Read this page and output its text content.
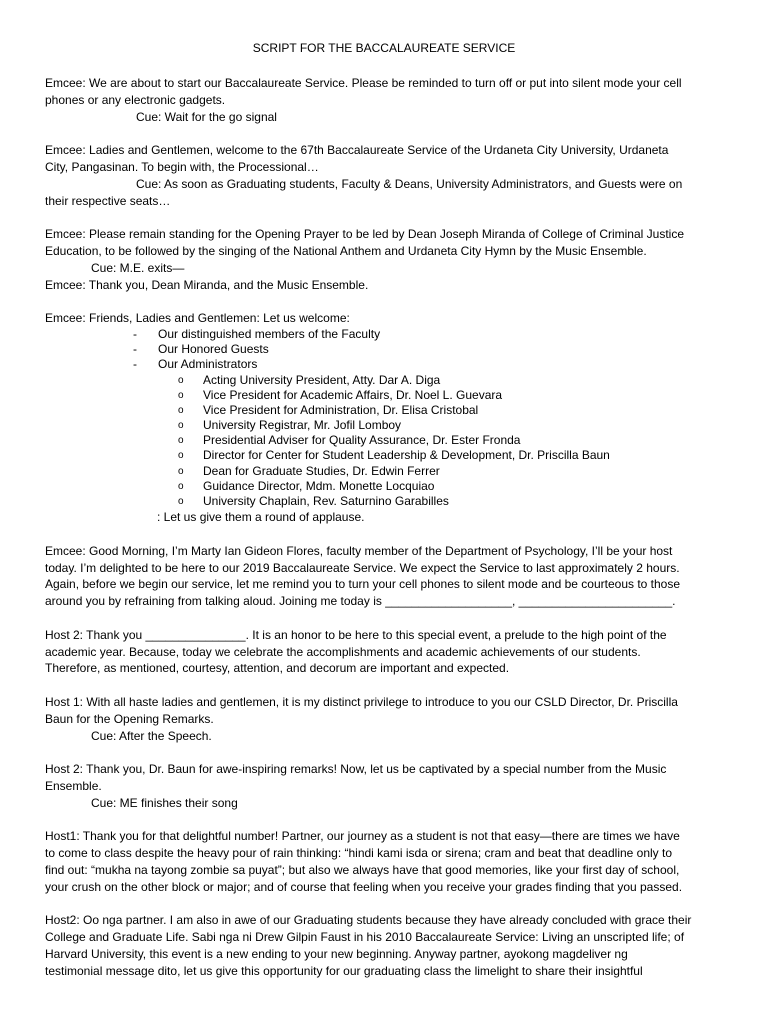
SCRIPT FOR THE BACCALAUREATE SERVICE
Emcee: We are about to start our Baccalaureate Service. Please be reminded to turn off or put into silent mode your cell
phones or any electronic gadgets.
Cue: Wait for the go signal
Emcee: Ladies and Gentlemen, welcome to the 67th Baccalaureate Service of the Urdaneta City University, Urdaneta
City, Pangasinan. To begin with, the Processional…
Cue: As soon as Graduating students, Faculty & Deans, University Administrators, and Guests were on
their respective seats…
Emcee: Please remain standing for the Opening Prayer to be led by Dean Joseph Miranda of College of Criminal Justice
Education, to be followed by the singing of the National Anthem and Urdaneta City Hymn by the Music Ensemble.
Cue: M.E. exits—
Emcee: Thank you, Dean Miranda, and the Music Ensemble.
Emcee: Friends, Ladies and Gentlemen: Let us welcome:
- Our distinguished members of the Faculty
- Our Honored Guests
- Our Administrators
o Acting University President, Atty. Dar A. Diga
o Vice President for Academic Affairs, Dr. Noel L. Guevara
o Vice President for Administration, Dr. Elisa Cristobal
o University Registrar, Mr. Jofil Lomboy
o Presidential Adviser for Quality Assurance, Dr. Ester Fronda
o Director for Center for Student Leadership & Development, Dr. Priscilla Baun
o Dean for Graduate Studies, Dr. Edwin Ferrer
o Guidance Director, Mdm. Monette Locquiao
o University Chaplain, Rev. Saturnino Garabilles
: Let us give them a round of applause.
Emcee: Good Morning, I’m Marty Ian Gideon Flores, faculty member of the Department of Psychology, I’ll be your host
today. I’m delighted to be here to our 2019 Baccalaureate Service. We expect the Service to last approximately 2 hours.
Again, before we begin our service, let me remind you to turn your cell phones to silent mode and be courteous to those
around you by refraining from talking aloud. Joining me today is ___________________, _______________________.
Host 2: Thank you _______________. It is an honor to be here to this special event, a prelude to the high point of the
academic year. Because, today we celebrate the accomplishments and academic achievements of our students.
Therefore, as mentioned, courtesy, attention, and decorum are important and expected.
Host 1: With all haste ladies and gentlemen, it is my distinct privilege to introduce to you our CSLD Director, Dr. Priscilla
Baun for the Opening Remarks.
Cue: After the Speech.
Host 2: Thank you, Dr. Baun for awe-inspiring remarks! Now, let us be captivated by a special number from the Music
Ensemble.
Cue: ME finishes their song
Host1: Thank you for that delightful number! Partner, our journey as a student is not that easy—there are times we have
to come to class despite the heavy pour of rain thinking: “hindi kami isda or sirena; cram and beat that deadline only to
find out: “mukha na tayong zombie sa puyat”; but also we always have that good memories, like your first day of school,
your crush on the other block or major; and of course that feeling when you receive your grades finding that you passed.
Host2: Oo nga partner. I am also in awe of our Graduating students because they have already concluded with grace their
College and Graduate Life. Sabi nga ni Drew Gilpin Faust in his 2010 Baccalaureate Service: Living an unscripted life; of
Harvard University, this event is a new ending to your new beginning. Anyway partner, ayokong magdeliver ng
testimonial message dito, let us give this opportunity for our graduating class the limelight to share their insightful
